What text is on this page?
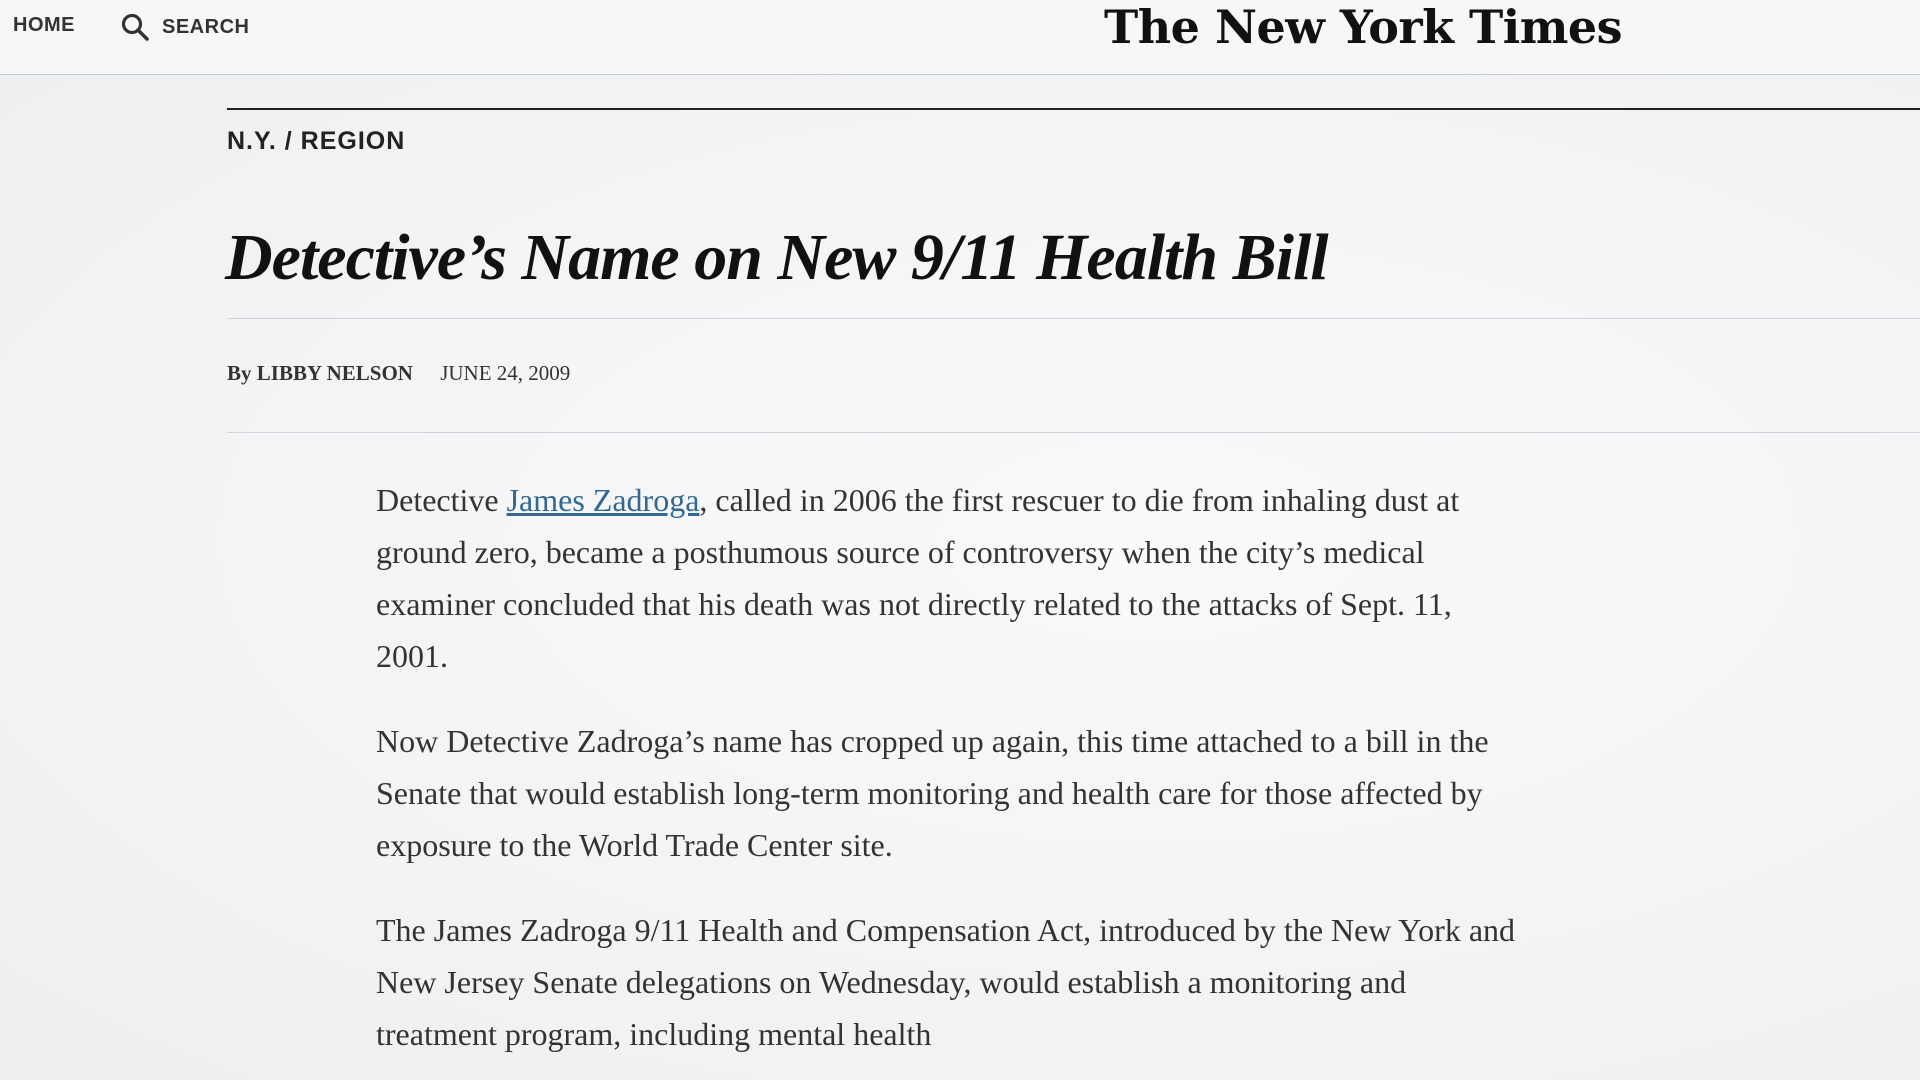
HOME	SEARCH	The New York Times
N.Y. / REGION
Detective’s Name on New 9/11 Health Bill
By LIBBY NELSON JUNE 24, 2009

Detective James Zadroga, called in 2006 the first rescuer to die from inhaling dust at ground zero, became a posthumous source of controversy when the city’s medical examiner concluded that his death was not directly related to the attacks of Sept. 11, 2001.

Now Detective Zadroga’s name has cropped up again, this time attached to a bill in the Senate that would establish long-term monitoring and health care for those affected by exposure to the World Trade Center site.

The James Zadroga 9/11 Health and Compensation Act, introduced by the New York and New Jersey Senate delegations on Wednesday, would establish a monitoring and treatment program, including mental health
